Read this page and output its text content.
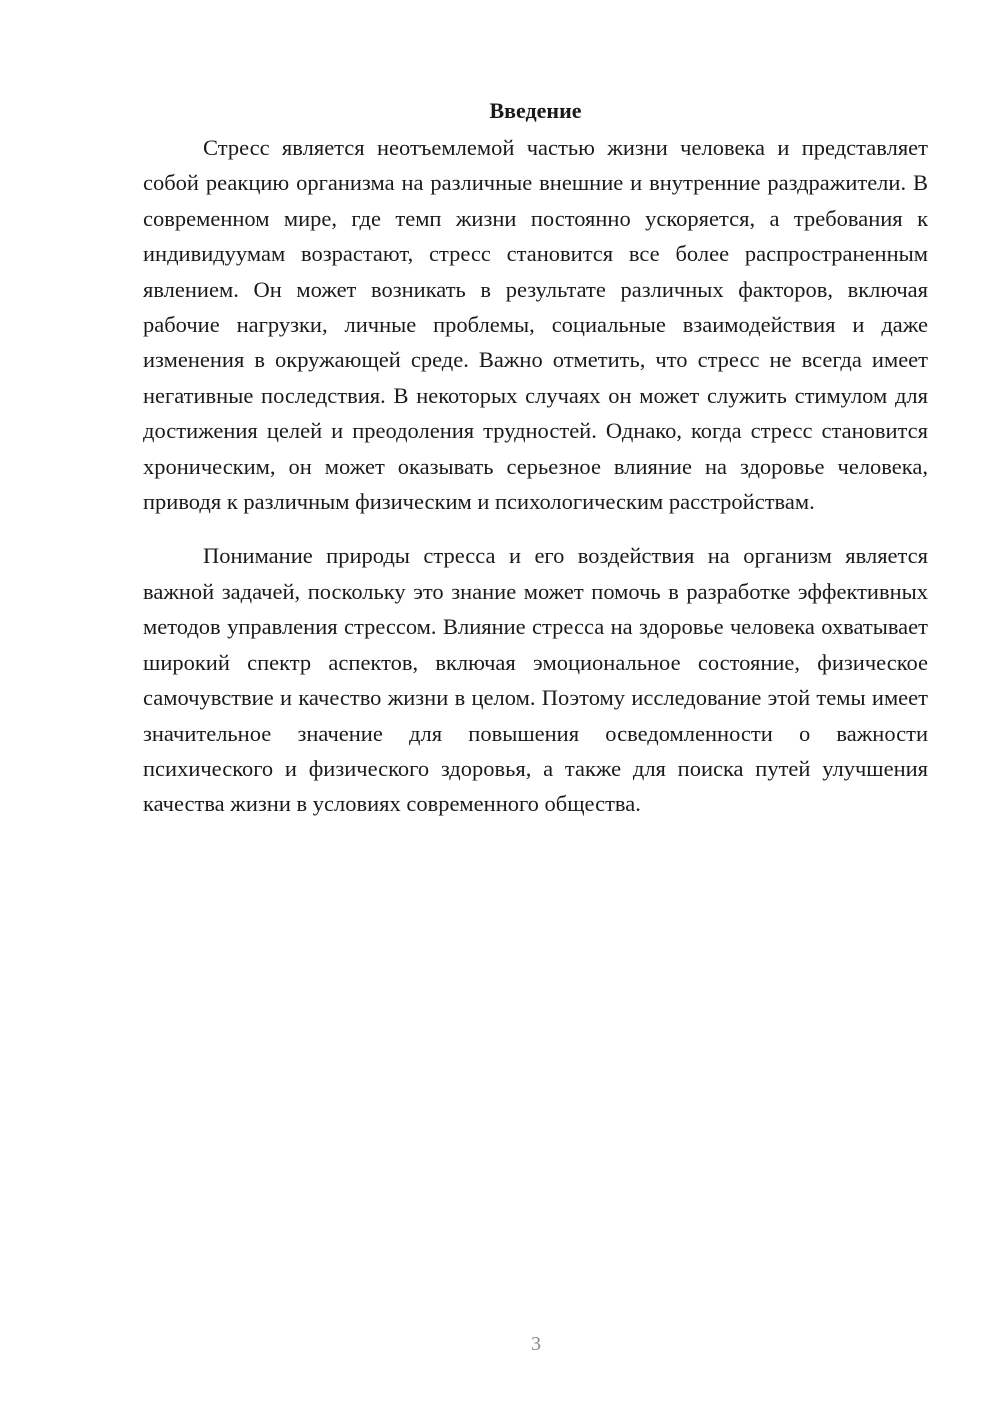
Введение

Стресс является неотъемлемой частью жизни человека и представляет собой реакцию организма на различные внешние и внутренние раздражители. В современном мире, где темп жизни постоянно ускоряется, а требования к индивидуумам возрастают, стресс становится все более распространенным явлением. Он может возникать в результате различных факторов, включая рабочие нагрузки, личные проблемы, социальные взаимодействия и даже изменения в окружающей среде. Важно отметить, что стресс не всегда имеет негативные последствия. В некоторых случаях он может служить стимулом для достижения целей и преодоления трудностей. Однако, когда стресс становится хроническим, он может оказывать серьезное влияние на здоровье человека, приводя к различным физическим и психологическим расстройствам.

Понимание природы стресса и его воздействия на организм является важной задачей, поскольку это знание может помочь в разработке эффективных методов управления стрессом. Влияние стресса на здоровье человека охватывает широкий спектр аспектов, включая эмоциональное состояние, физическое самочувствие и качество жизни в целом. Поэтому исследование этой темы имеет значительное значение для повышения осведомленности о важности психического и физического здоровья, а также для поиска путей улучшения качества жизни в условиях современного общества.

3
